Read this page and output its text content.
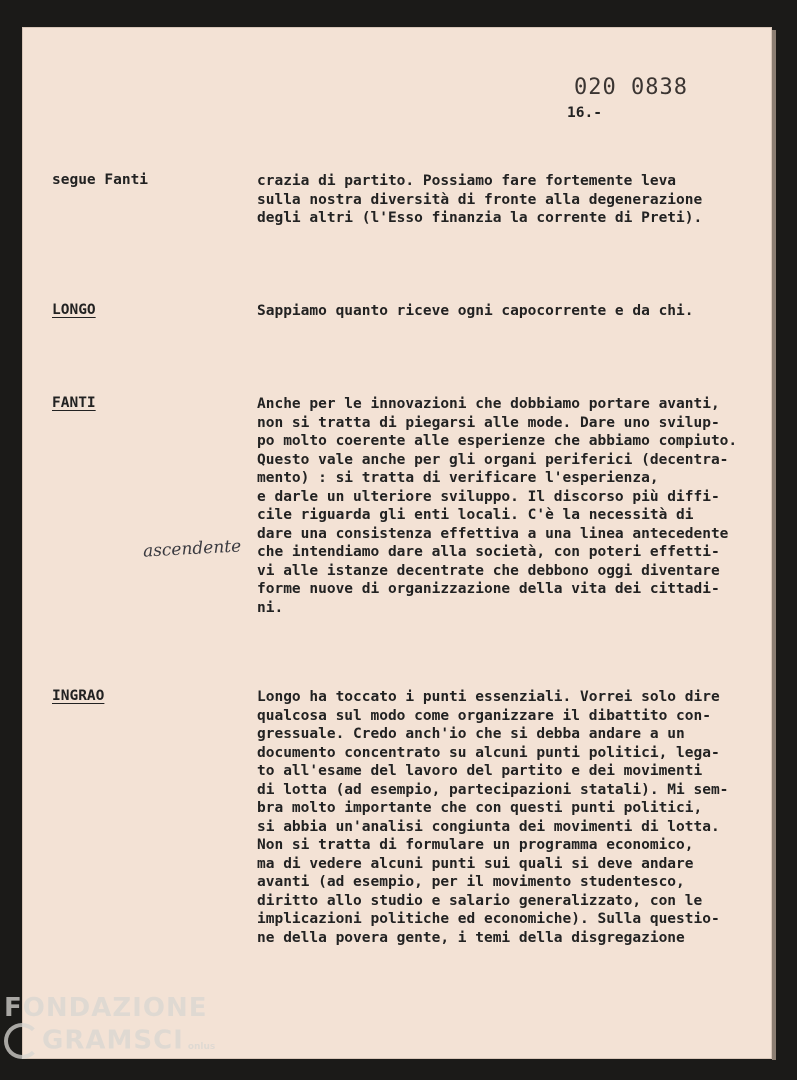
020 0838
16.-

segue Fanti	crazia di partito. Possiamo fare fortemente leva
sulla nostra diversità di fronte alla degenerazione
degli altri (l'Esso finanzia la corrente di Preti).

LONGO	Sappiamo quanto riceve ogni capocorrente e da chi.

FANTI	Anche per le innovazioni che dobbiamo portare avanti,
non si tratta di piegarsi alle mode. Dare uno svilup-
po molto coerente alle esperienze che abbiamo compiuto.
Questo vale anche per gli organi periferici (decentra-
mento) : si tratta di verificare l'esperienza,
e darle un ulteriore sviluppo. Il discorso più diffi-
cile riguarda gli enti locali. C'è la necessità di
dare una consistenza effettiva a una linea antecedente
che intendiamo dare alla società, con poteri effetti-
vi alle istanze decentrate che debbono oggi diventare
forme nuove di organizzazione della vita dei cittadi-
ni.

ascendente

INGRAO	Longo ha toccato i punti essenziali. Vorrei solo dire
qualcosa sul modo come organizzare il dibattito con-
gressuale. Credo anch'io che si debba andare a un
documento concentrato su alcuni punti politici, lega-
to all'esame del lavoro del partito e dei movimenti
di lotta (ad esempio, partecipazioni statali). Mi sem-
bra molto importante che con questi punti politici,
si abbia un'analisi congiunta dei movimenti di lotta.
Non si tratta di formulare un programma economico,
ma di vedere alcuni punti sui quali si deve andare
avanti (ad esempio, per il movimento studentesco,
diritto allo studio e salario generalizzato, con le
implicazioni politiche ed economiche). Sulla questio-
ne della povera gente, i temi della disgregazione

FONDAZIONE
GRAMSCI onlus
